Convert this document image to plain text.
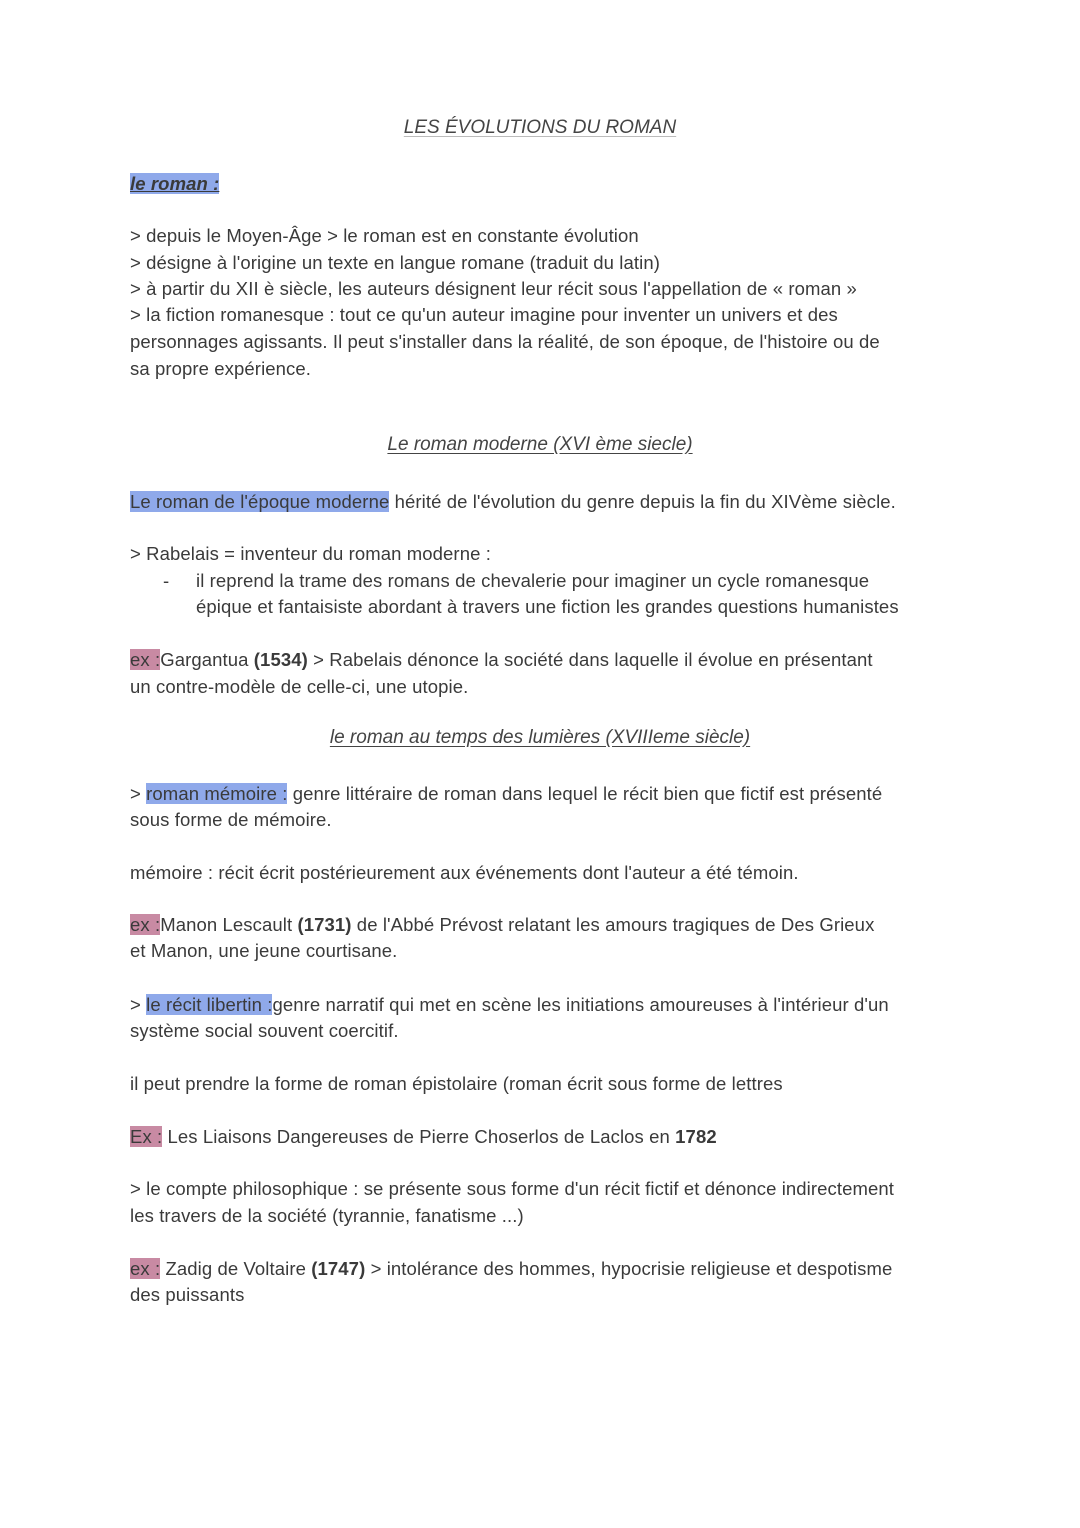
LES ÉVOLUTIONS DU ROMAN
le roman :
> depuis le Moyen-Âge > le roman est en constante évolution
> désigne à l'origine un texte en langue romane (traduit du latin)
> à partir du XII è siècle, les auteurs désignent leur récit sous l'appellation de « roman »
> la fiction romanesque : tout ce qu'un auteur imagine pour inventer un univers et des
personnages agissants. Il peut s'installer dans la réalité, de son époque, de l'histoire ou de
sa propre expérience.
Le roman moderne (XVI ème siecle)
Le roman de l'époque moderne hérité de l'évolution du genre depuis la fin du XIVème siècle.
> Rabelais = inventeur du roman moderne :
- il reprend la trame des romans de chevalerie pour imaginer un cycle romanesque
épique et fantaisiste abordant à travers une fiction les grandes questions humanistes
ex :Gargantua (1534) > Rabelais dénonce la société dans laquelle il évolue en présentant
un contre-modèle de celle-ci, une utopie.
le roman au temps des lumières (XVIIIeme siècle)
> roman mémoire : genre littéraire de roman dans lequel le récit bien que fictif est présenté
sous forme de mémoire.
mémoire : récit écrit postérieurement aux événements dont l'auteur a été témoin.
ex :Manon Lescault (1731) de l'Abbé Prévost relatant les amours tragiques de Des Grieux
et Manon, une jeune courtisane.
> le récit libertin :genre narratif qui met en scène les initiations amoureuses à l'intérieur d'un
système social souvent coercitif.
il peut prendre la forme de roman épistolaire (roman écrit sous forme de lettres
Ex : Les Liaisons Dangereuses de Pierre Choserlos de Laclos en 1782
> le compte philosophique : se présente sous forme d'un récit fictif et dénonce indirectement
les travers de la société (tyrannie, fanatisme ...)
ex : Zadig de Voltaire (1747) > intolérance des hommes, hypocrisie religieuse et despotisme
des puissants
